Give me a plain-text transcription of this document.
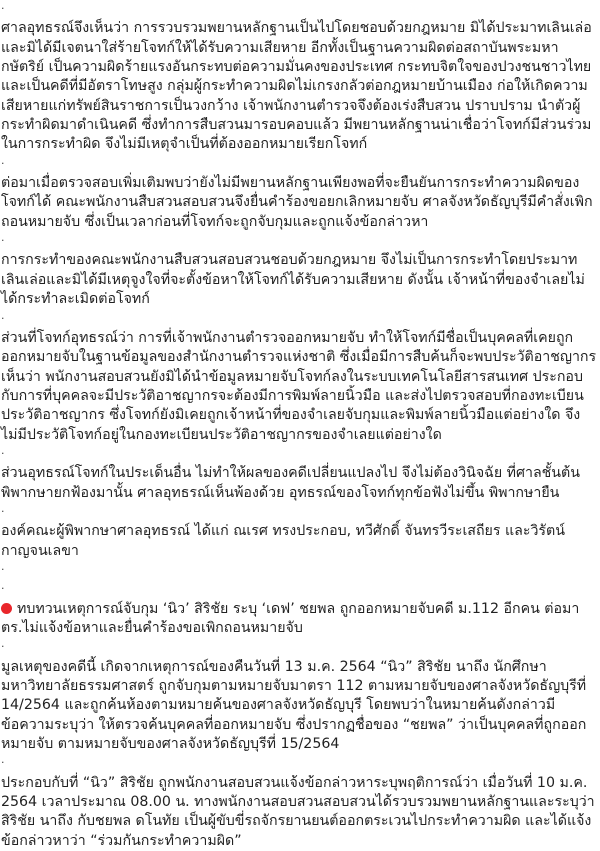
.

ศาลอุทธรณ์จึงเห็นว่า การรวบรวมพยานหลักฐานเป็นไปโดยชอบด้วยกฎหมาย มิได้ประมาทเลินเล่อ และมิได้มีเจตนาใส่ร้ายโจทก์ให้ได้รับความเสียหาย อีกทั้งเป็นฐานความผิดต่อสถาบันพระมหากษัตริย์ เป็นความผิดร้ายแรงอันกระทบต่อความมั่นคงของประเทศ กระทบจิตใจของปวงชนชาวไทย และเป็นคดีที่มีอัตราโทษสูง กลุ่มผู้กระทำความผิดไม่เกรงกลัวต่อกฎหมายบ้านเมือง ก่อให้เกิดความเสียหายแก่ทรัพย์สินราชการเป็นวงกว้าง เจ้าพนักงานตำรวจจึงต้องเร่งสืบสวน ปราบปราม นำตัวผู้กระทำผิดมาดำเนินคดี ซึ่งทำการสืบสวนมารอบคอบแล้ว มีพยานหลักฐานน่าเชื่อว่าโจทก์มีส่วนร่วมในการกระทำผิด จึงไม่มีเหตุจำเป็นที่ต้องออกหมายเรียกโจทก์

.

ต่อมาเมื่อตรวจสอบเพิ่มเติมพบว่ายังไม่มีพยานหลักฐานเพียงพอที่จะยืนยันการกระทำความผิดของโจทก์ได้ คณะพนักงานสืบสวนสอบสวนจึงยื่นคำร้องขอยกเลิกหมายจับ ศาลจังหวัดธัญบุรีมีคำสั่งเพิกถอนหมายจับ ซึ่งเป็นเวลาก่อนที่โจทก์จะถูกจับกุมและถูกแจ้งข้อกล่าวหา

.

การกระทำของคณะพนักงานสืบสวนสอบสวนชอบด้วยกฎหมาย จึงไม่เป็นการกระทำโดยประมาทเลินเล่อและมิได้มีเหตุจูงใจที่จะตั้งข้อหาให้โจทก์ได้รับความเสียหาย ดังนั้น เจ้าหน้าที่ของจำเลยไม่ได้กระทำละเมิดต่อโจทก์

.

ส่วนที่โจทก์อุทธรณ์ว่า การที่เจ้าพนักงานตำรวจออกหมายจับ ทำให้โจทก์มีชื่อเป็นบุคคลที่เคยถูกออกหมายจับในฐานข้อมูลของสำนักงานตำรวจแห่งชาติ ซึ่งเมื่อมีการสืบค้นก็จะพบประวัติอาชญากร เห็นว่า พนักงานสอบสวนยังมิได้นำข้อมูลหมายจับโจทก์ลงในระบบเทคโนโลยีสารสนเทศ ประกอบกับการที่บุคคลจะมีประวัติอาชญากรจะต้องมีการพิมพ์ลายนิ้วมือ และส่งไปตรวจสอบที่กองทะเบียนประวัติอาชญากร ซึ่งโจทก์ยังมิเคยถูกเจ้าหน้าที่ของจำเลยจับกุมและพิมพ์ลายนิ้วมือแต่อย่างใด จึงไม่มีประวัติโจทก์อยู่ในกองทะเบียนประวัติอาชญากรของจำเลยแต่อย่างใด

.

ส่วนอุทธรณ์โจทก์ในประเด็นอื่น ไม่ทำให้ผลของคดีเปลี่ยนแปลงไป จึงไม่ต้องวินิจฉัย ที่ศาลชั้นต้นพิพากษายกฟ้องมานั้น ศาลอุทธรณ์เห็นพ้องด้วย อุทธรณ์ของโจทก์ทุกข้อฟังไม่ขึ้น พิพากษายืน

.

องค์คณะผู้พิพากษาศาลอุทธรณ์ ได้แก่ ณเรศ ทรงประกอบ, ทวีศักดิ์ จันทรวีระเสถียร และวิรัตน์ กาญจนเลขา

.
.

ทบทวนเหตุการณ์จับกุม ‘นิว’ สิริชัย ระบุ ‘เดฟ’ ชยพล ถูกออกหมายจับคดี ม.112 อีกคน ต่อมา ตร.ไม่แจ้งข้อหาและยื่นคำร้องขอเพิกถอนหมายจับ

.

มูลเหตุของคดีนี้ เกิดจากเหตุการณ์ของคืนวันที่ 13 ม.ค. 2564 “นิว” สิริชัย นาถึง นักศึกษามหาวิทยาลัยธรรมศาสตร์ ถูกจับกุมตามหมายจับมาตรา 112 ตามหมายจับของศาลจังหวัดธัญบุรีที่ 14/2564 และถูกค้นห้องตามหมายค้นของศาลจังหวัดธัญบุรี โดยพบว่าในหมายค้นดังกล่าวมีข้อความระบุว่า ให้ตรวจค้นบุคคลที่ออกหมายจับ ซึ่งปรากฏชื่อของ “ชยพล” ว่าเป็นบุคคลที่ถูกออกหมายจับ ตามหมายจับของศาลจังหวัดธัญบุรีที่ 15/2564

.

ประกอบกับที่ “นิว” สิริชัย ถูกพนักงานสอบสวนแจ้งข้อกล่าวหาระบุพฤติการณ์ว่า เมื่อวันที่ 10 ม.ค. 2564 เวลาประมาณ 08.00 น. ทางพนักงานสอบสวนสอบสวนได้รวบรวมพยานหลักฐานและระบุว่าสิริชัย นาถึง กับชยพล ดโนทัย เป็นผู้ขับขี่รถจักรยานยนต์ออกตระเวนไปกระทำความผิด และได้แจ้งข้อกล่าวหาว่า “ร่วมกันกระทำความผิด”
